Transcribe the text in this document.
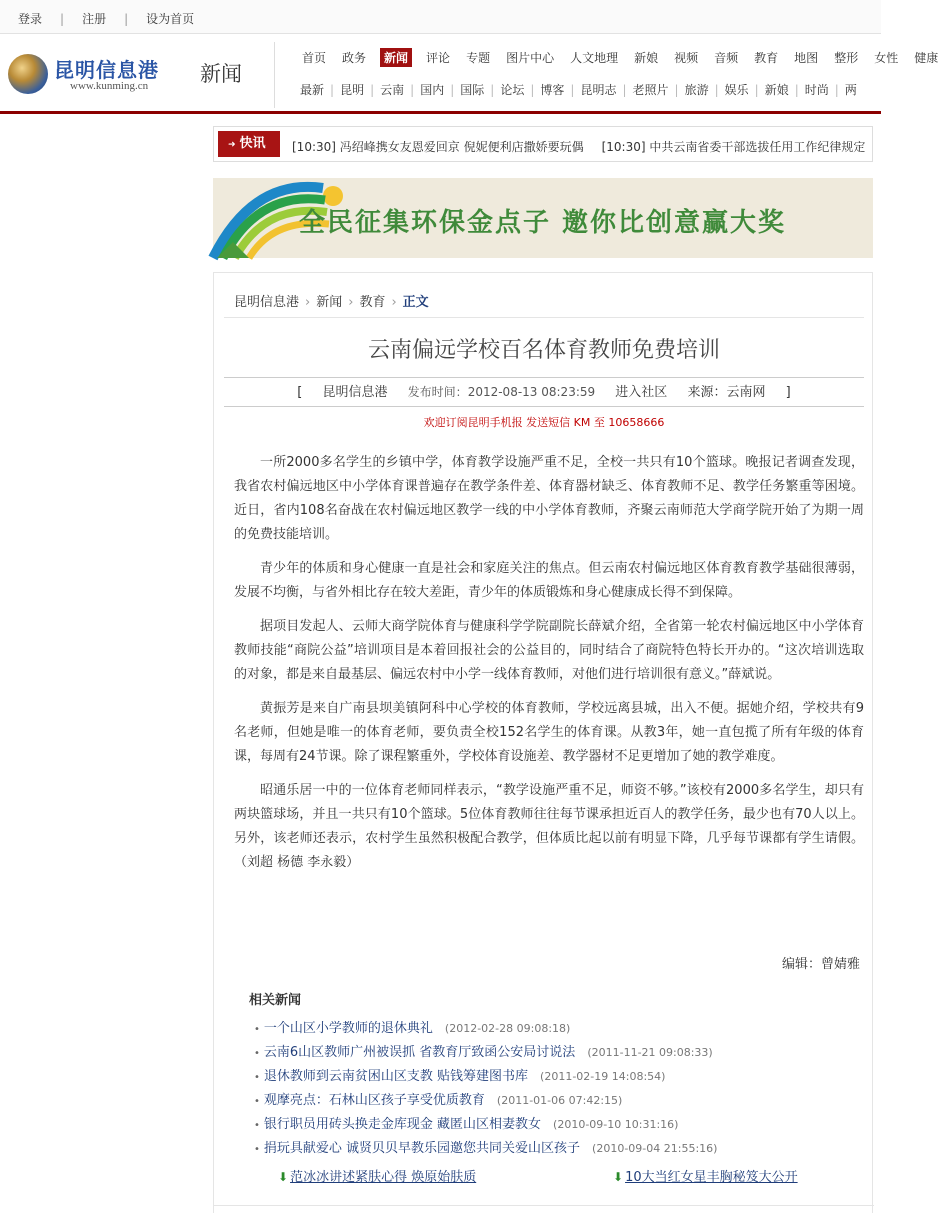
登录 | 注册 | 设为首页
昆明信息港
www.kunming.cn 新闻
首页 政务 新闻 评论 专题 图片中心 人文地理 新娘 视频 音频 教育 地图 整形 女性 健康
最新 | 昆明 | 云南 | 国内 | 国际 | 论坛 | 博客 | 昆明志 | 老照片 | 旅游 | 娱乐 | 新娘 | 时尚 | 两
➜ 快讯	[10:30] 冯绍峰携女友恩爱回京 倪妮便利店撒娇要玩偶 [10:30] 中共云南省委干部选拔任用工作纪律规定
全民征集环保金点子 邀你比创意赢大奖
昆明信息港 › 新闻 › 教育 › 正文
云南偏远学校百名体育教师免费培训
[ 昆明信息港 发布时间：2012-08-13 08:23:59 进入社区 来源：云南网 ]
欢迎订阅昆明手机报 发送短信 KM 至 10658666

一所2000多名学生的乡镇中学，体育教学设施严重不足，全校一共只有10个篮球。晚报记者调查发现，我省农村偏远地区中小学体育课普遍存在教学条件差、体育器材缺乏、体育教师不足、教学任务繁重等困境。近日，省内108名奋战在农村偏远地区教学一线的中小学体育教师，齐聚云南师范大学商学院开始了为期一周的免费技能培训。

青少年的体质和身心健康一直是社会和家庭关注的焦点。但云南农村偏远地区体育教育教学基础很薄弱，发展不均衡，与省外相比存在较大差距，青少年的体质锻炼和身心健康成长得不到保障。

据项目发起人、云师大商学院体育与健康科学学院副院长薛斌介绍，全省第一轮农村偏远地区中小学体育教师技能“商院公益”培训项目是本着回报社会的公益目的，同时结合了商院特色特长开办的。“这次培训选取的对象，都是来自最基层、偏远农村中小学一线体育教师，对他们进行培训很有意义。”薛斌说。

黄振芳是来自广南县坝美镇阿科中心学校的体育教师，学校远离县城，出入不便。据她介绍，学校共有9名老师，但她是唯一的体育老师，要负责全校152名学生的体育课。从教3年，她一直包揽了所有年级的体育课，每周有24节课。除了课程繁重外，学校体育设施差、教学器材不足更增加了她的教学难度。

昭通乐居一中的一位体育老师同样表示，“教学设施严重不足，师资不够。”该校有2000多名学生，却只有两块篮球场，并且一共只有10个篮球。5位体育教师往往每节课承担近百人的教学任务，最少也有70人以上。另外，该老师还表示，农村学生虽然积极配合教学，但体质比起以前有明显下降，几乎每节课都有学生请假。（刘超 杨德 李永毅）

编辑：曾婧雅
相关新闻
• 一个山区小学教师的退休典礼 (2012-02-28 09:08:18)
• 云南6山区教师广州被误抓 省教育厅致函公安局讨说法 (2011-11-21 09:08:33)
• 退休教师到云南贫困山区支教 贴钱筹建图书库 (2011-02-19 14:08:54)
• 观摩亮点：石林山区孩子享受优质教育 (2011-01-06 07:42:15)
• 银行职员用砖头换走金库现金 藏匿山区相妻教女 (2010-09-10 10:31:16)
• 捐玩具献爱心 诚贤贝贝早教乐园邀您共同关爱山区孩子 (2010-09-04 21:55:16)
⬇ 范冰冰讲述紧肤心得 焕原始肤质	⬇ 10大当红女星丰胸秘笈大公开
